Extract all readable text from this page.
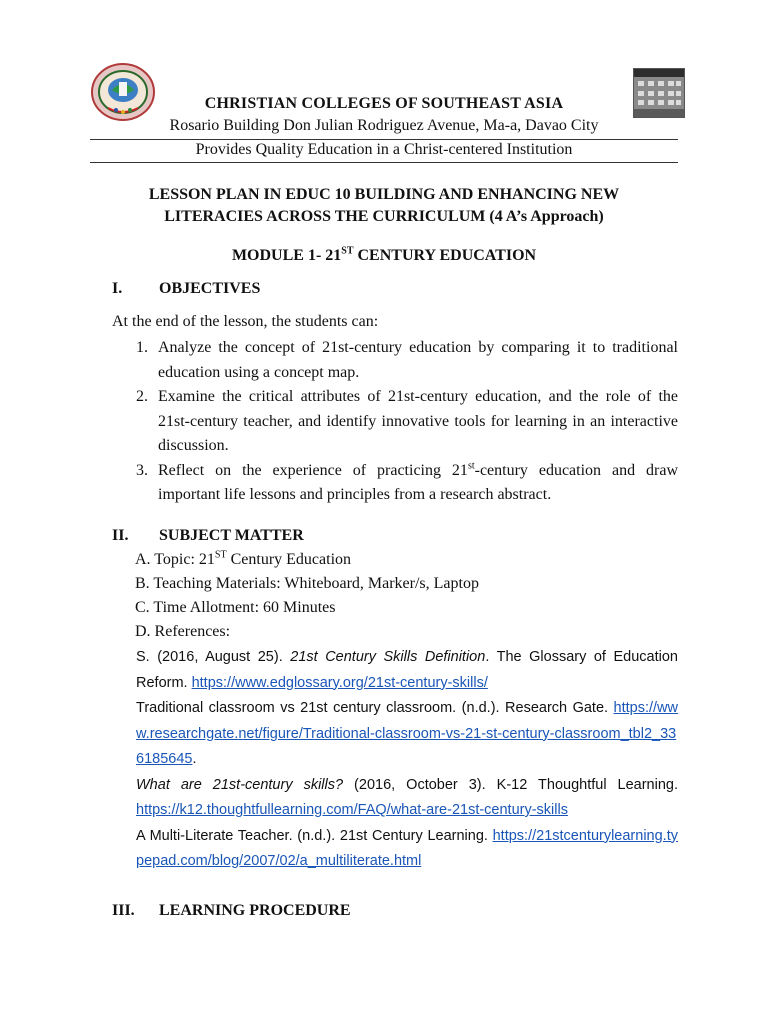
CHRISTIAN COLLEGES OF SOUTHEAST ASIA
Rosario Building Don Julian Rodriguez Avenue, Ma-a, Davao City
Provides Quality Education in a Christ-centered Institution
LESSON PLAN IN EDUC 10 BUILDING AND ENHANCING NEW
LITERACIES ACROSS THE CURRICULUM (4 A’s Approach)
MODULE 1- 21ST CENTURY EDUCATION
I. OBJECTIVES
At the end of the lesson, the students can:
1. Analyze the concept of 21st-century education by comparing it to traditional education using a concept map.
2. Examine the critical attributes of 21st-century education, and the role of the 21st-century teacher, and identify innovative tools for learning in an interactive discussion.
3. Reflect on the experience of practicing 21st-century education and draw important life lessons and principles from a research abstract.
II. SUBJECT MATTER
A. Topic: 21ST Century Education
B. Teaching Materials: Whiteboard, Marker/s, Laptop
C. Time Allotment: 60 Minutes
D. References:

S. (2016, August 25). 21st Century Skills Definition. The Glossary of Education Reform. https://www.edglossary.org/21st-century-skills/

Traditional classroom vs 21st century classroom. (n.d.). Research Gate. https://www.researchgate.net/figure/Traditional-classroom-vs-21-st-century-classroom_tbl2_336185645.

What are 21st-century skills? (2016, October 3). K-12 Thoughtful Learning. https://k12.thoughtfullearning.com/FAQ/what-are-21st-century-skills

A Multi-Literate Teacher. (n.d.). 21st Century Learning. https://21stcenturylearning.typepad.com/blog/2007/02/a_multiliterate.html

III. LEARNING PROCEDURE
